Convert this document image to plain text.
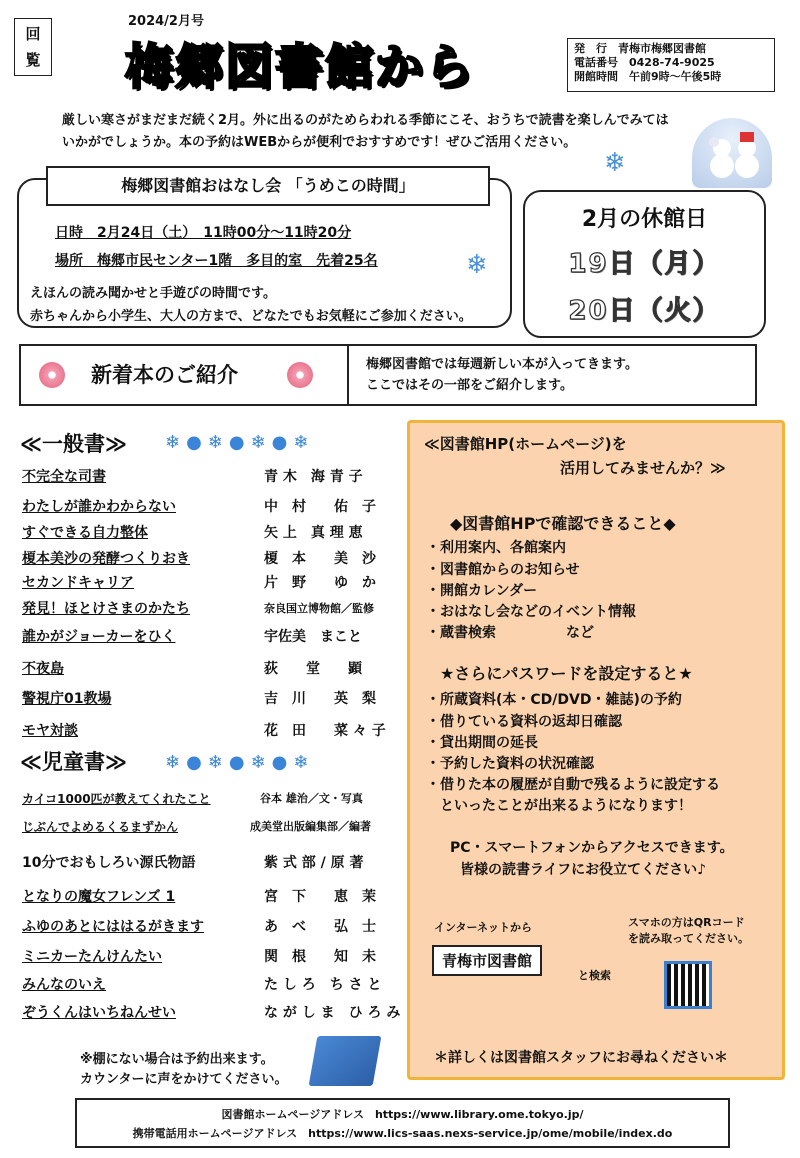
回
覧
2024/2月号
梅郷図書館から	発　行　青梅市梅郷図書館
電話番号　0428-74-9025
開館時間　午前9時～午後5時
厳しい寒さがまだまだ続く2月。外に出るのがためらわれる季節にこそ、おうちで読書を楽しんでみては
いかがでしょうか。本の予約はWEBからが便利でおすすめです！ぜひご活用ください。
❄
梅郷図書館おはなし会 「うめこの時間」
日時　2月24日（土）　11時00分～11時20分
場所　梅郷市民センター1階　多目的室　先着25名
えほんの読み聞かせと手遊びの時間です。
赤ちゃんから小学生、大人の方まで、どなたでもお気軽にご参加ください。
❄
2月の休館日
19日（月）
20日（火）
新着本のご紹介	梅郷図書館では毎週新しい本が入ってきます。
ここではその一部をご紹介します。
≪一般書≫ ❄●❄●❄●❄
不完全な司書	青 木　海 青 子
わたしが誰かわからない	中　村　　佑　子
すぐできる自力整体	矢 上　真 理 恵
榎本美沙の発酵つくりおき	榎　本　　美　沙
セカンドキャリア	片　野　　ゆ　か
発見！ほとけさまのかたち	奈良国立博物館／監修
誰かがジョーカーをひく	宇佐美　まこと
不夜島	荻　　堂　　顕
警視庁01教場	吉　川　　英　梨
モヤ対談	花　田　　菜 々 子
≪児童書≫ ❄●❄●❄●❄
カイコ1000匹が教えてくれたこと	谷本 雄治／文・写真
じぶんでよめるくるまずかん	成美堂出版編集部／編著
10分でおもしろい源氏物語	紫 式 部 / 原 著
となりの魔女フレンズ 1	宮　下　　恵　茉
ふゆのあとにははるがきます	あ　べ　　弘　士
ミニカーたんけんたい	関　根　　知　未
みんなのいえ	た し ろ　ち さ と
ぞうくんはいちねんせい	な が し ま　ひ ろ み
≪図書館HP(ホームページ)を
活用してみませんか？≫
◆図書館HPで確認できること◆
・利用案内、各館案内
・図書館からのお知らせ
・開館カレンダー
・おはなし会などのイベント情報
・蔵書検索　　　　　など
★さらにパスワードを設定すると★
・所蔵資料(本・CD/DVD・雑誌)の予約
・借りている資料の返却日確認
・貸出期間の延長
・予約した資料の状況確認
・借りた本の履歴が自動で残るように設定する
　といったことが出来るようになります！
PC・スマートフォンからアクセスできます。
皆様の読書ライフにお役立てください♪
インターネットから	スマホの方はQRコード
を読み取ってください。
青梅市図書館
と検索
＊詳しくは図書館スタッフにお尋ねください＊
※棚にない場合は予約出来ます。
カウンターに声をかけてください。
図書館ホームページアドレス　https://www.library.ome.tokyo.jp/
携帯電話用ホームページアドレス　https://www.lics-saas.nexs-service.jp/ome/mobile/index.do
